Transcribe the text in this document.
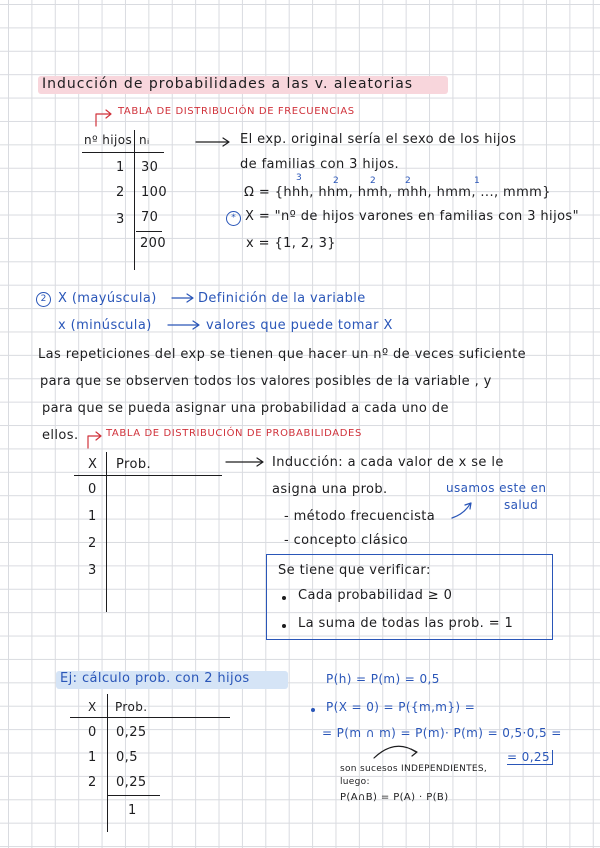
Inducción de probabilidades a las v. aleatorias
TABLA DE DISTRIBUCIÓN DE FRECUENCIAS
nº hijos nᵢ
1 30
2 100
3 70
200
El exp. original sería el sexo de los hijos
de familias con 3 hijos.
3	2	2	2	1
Ω = {hhh, hhm, hmh, mhh, hmm, ..., mmm}
* X = "nº de hijos varones en familias con 3 hijos"
x = {1, 2, 3}
2 X (mayúscula)	Definición de la variable
x (minúscula)	valores que puede tomar X
Las repeticiones del exp se tienen que hacer un nº de veces suficiente
para que se observen todos los valores posibles de la variable , y
para que se pueda asignar una probabilidad a cada uno de
ellos.	TABLA DE DISTRIBUCIÓN DE PROBABILIDADES
X Prob.
0
1
2
3
Inducción: a cada valor de x se le
asigna una prob.	usamos este en
salud
- método frecuencista
- concepto clásico
Se tiene que verificar:
Cada probabilidad ≥ 0
La suma de todas las prob. = 1
Ej: cálculo prob. con 2 hijos
X Prob.
0 0,25
1 0,5
2 0,25
1
P(h) = P(m) = 0,5
P(X = 0) = P({m,m}) =
= P(m ∩ m) = P(m)· P(m) = 0,5·0,5 =
= 0,25
son sucesos INDEPENDIENTES,
luego:
P(A∩B) = P(A) · P(B)
